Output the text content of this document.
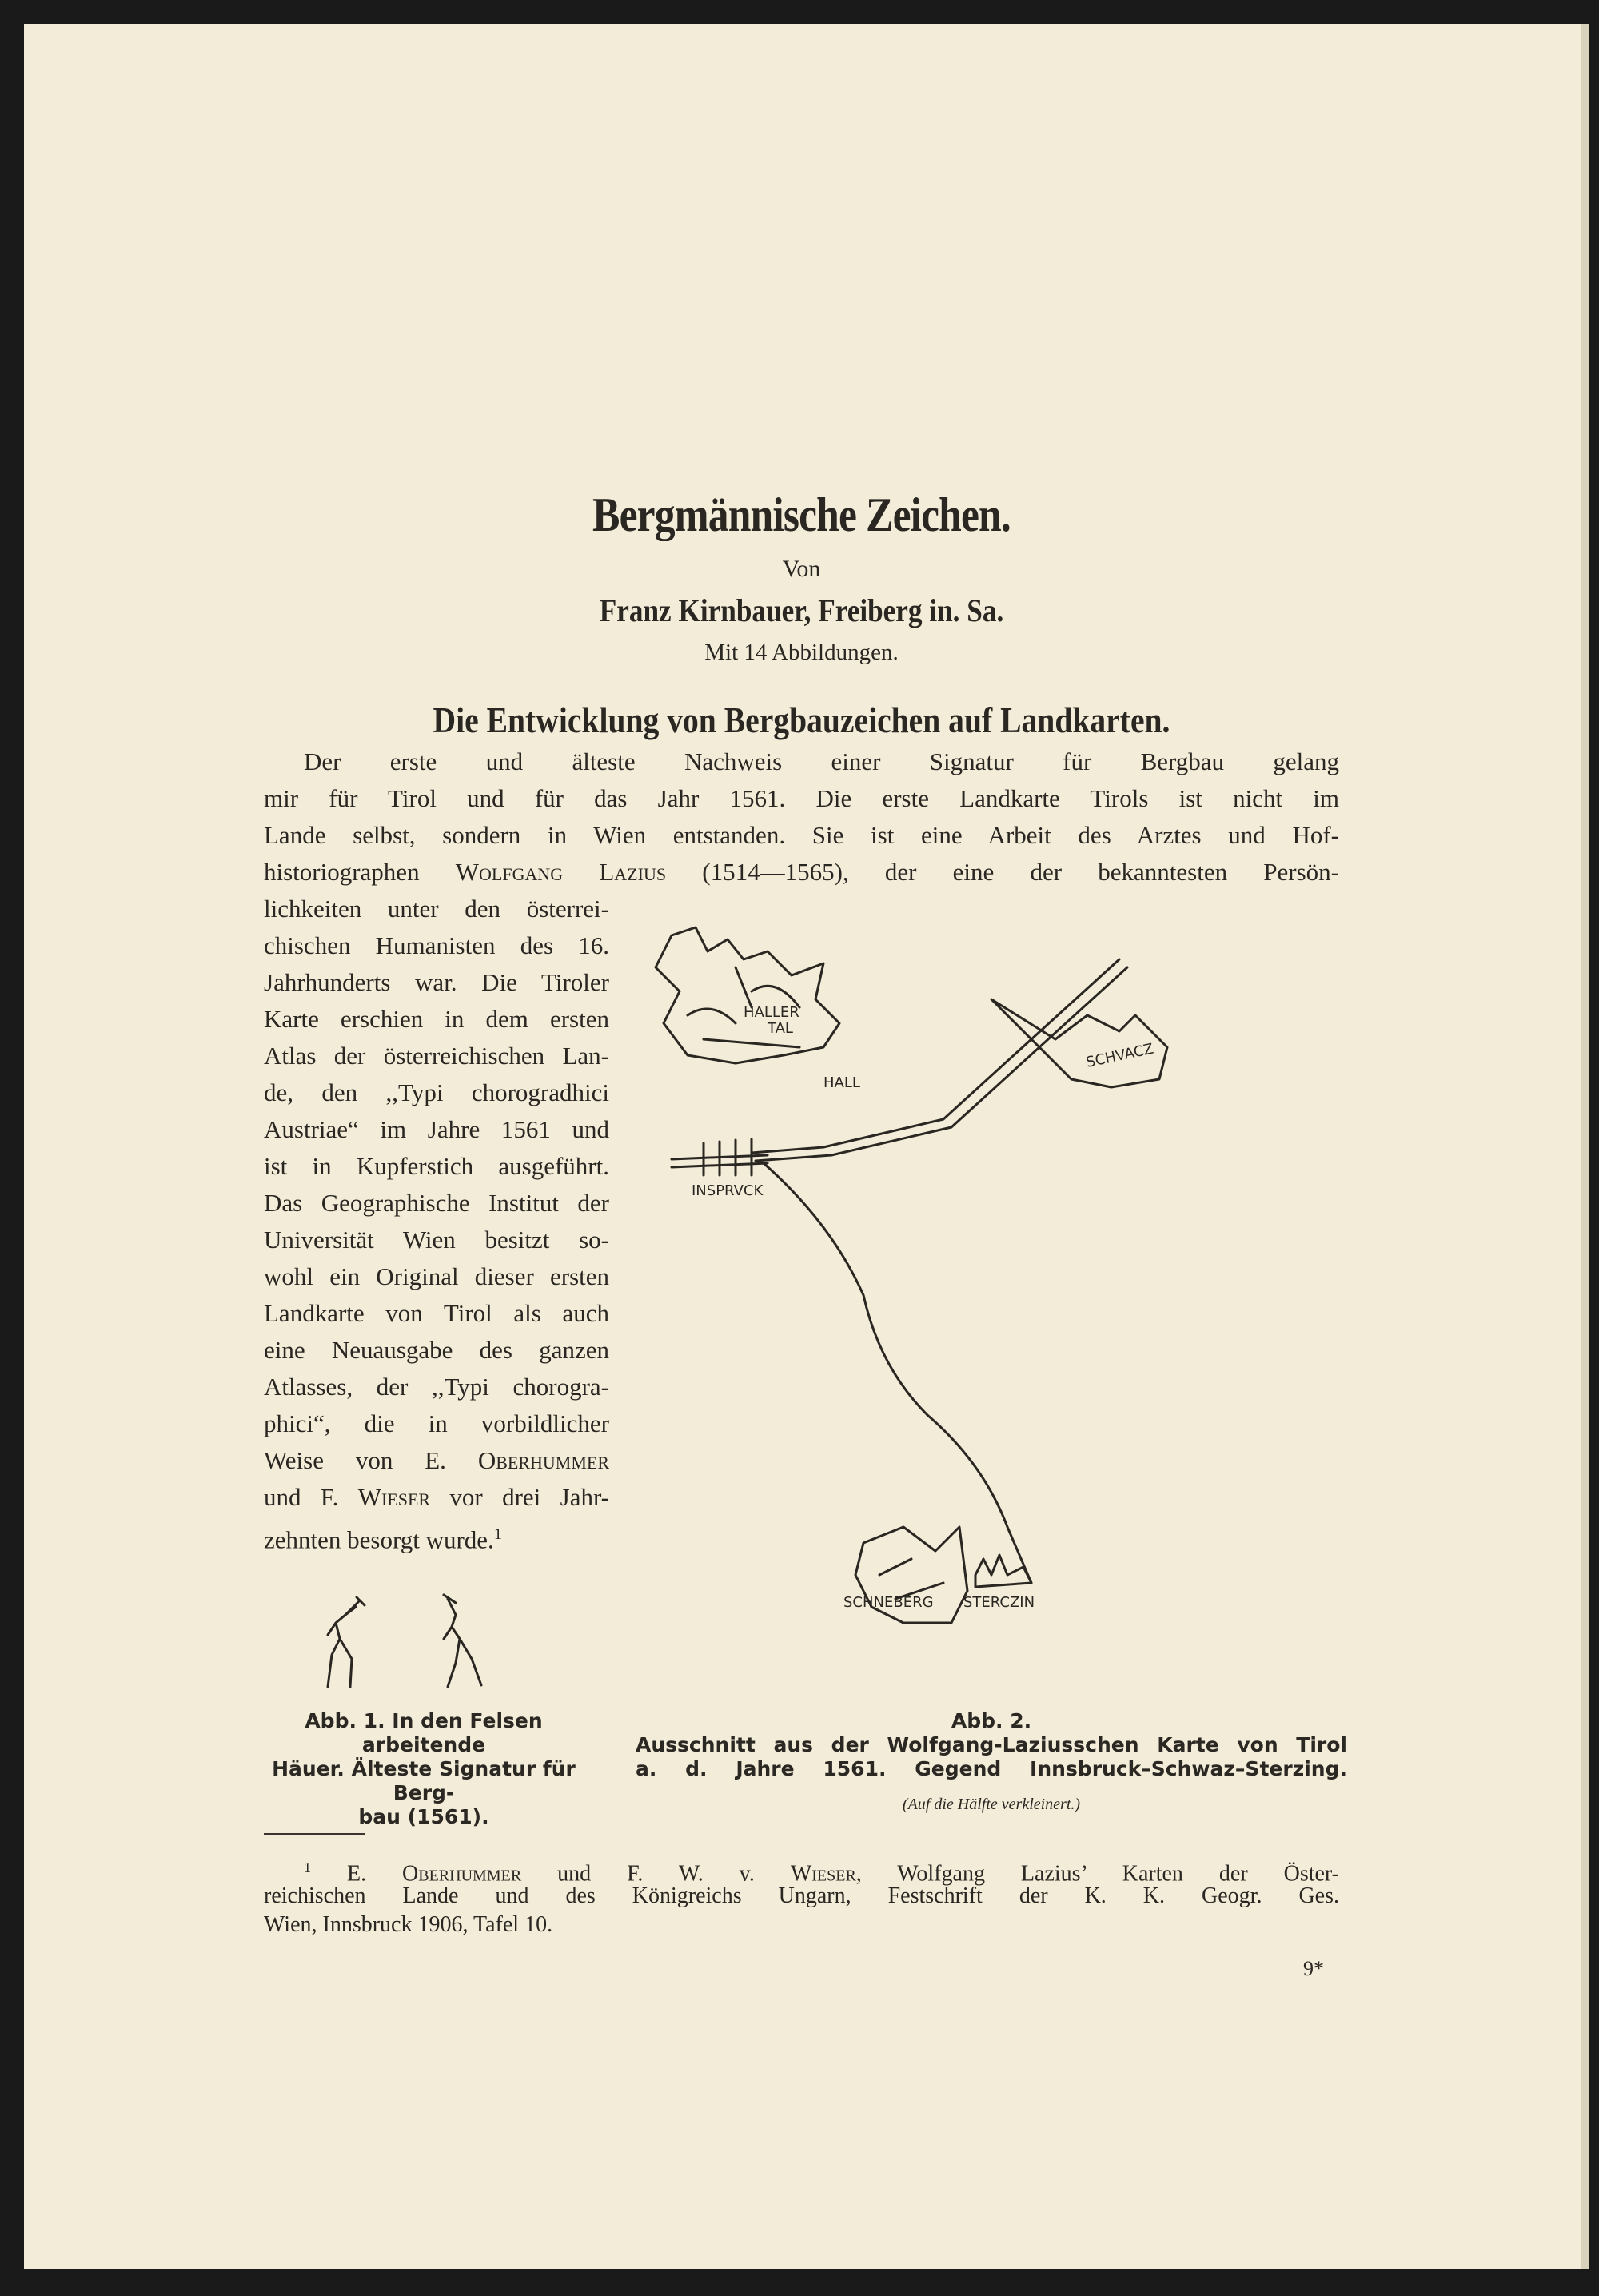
Bergmännische Zeichen.
Von
Franz Kirnbauer, Freiberg in. Sa.
Mit 14 Abbildungen.
Die Entwicklung von Bergbauzeichen auf Landkarten.
Der erste und älteste Nachweis einer Signatur für Bergbau gelang
mir für Tirol und für das Jahr 1561. Die erste Landkarte Tirols ist nicht im
Lande selbst, sondern in Wien entstanden. Sie ist eine Arbeit des Arztes und Hof-
historiographen Wolfgang Lazius (1514—1565), der eine der bekanntesten Persön-
lichkeiten unter den österrei-
chischen Humanisten des 16.
Jahrhunderts war. Die Tiroler
Karte erschien in dem ersten
Atlas der österreichischen Lan-
de, den ,,Typi chorogradhici
Austriae“ im Jahre 1561 und
ist in Kupferstich ausgeführt.
Das Geographische Institut der
Universität Wien besitzt so-
wohl ein Original dieser ersten
Landkarte von Tirol als auch
eine Neuausgabe des ganzen
Atlasses, der ,,Typi chorogra-
phici“, die in vorbildlicher
Weise von E. Oberhummer
und F. Wieser vor drei Jahr-
zehnten besorgt wurde.$^1$
HALLER
TAL
HALL
SCHVACZ
INSPRVCK
SCHNEBERG STERCZIN
Abb. 1. In den Felsen arbeitende
Häuer. Älteste Signatur für Berg-
bau (1561).
Abb. 2.
Ausschnitt aus der Wolfgang-Laziusschen Karte von Tirol
a. d. Jahre 1561. Gegend Innsbruck–Schwaz–Sterzing.
(Auf die Hälfte verkleinert.)
$^1$ E. Oberhummer und F. W. v. Wieser, Wolfgang Lazius’ Karten der Öster-
reichischen Lande und des Königreichs Ungarn, Festschrift der K. K. Geogr. Ges.
Wien, Innsbruck 1906, Tafel 10.
9*
